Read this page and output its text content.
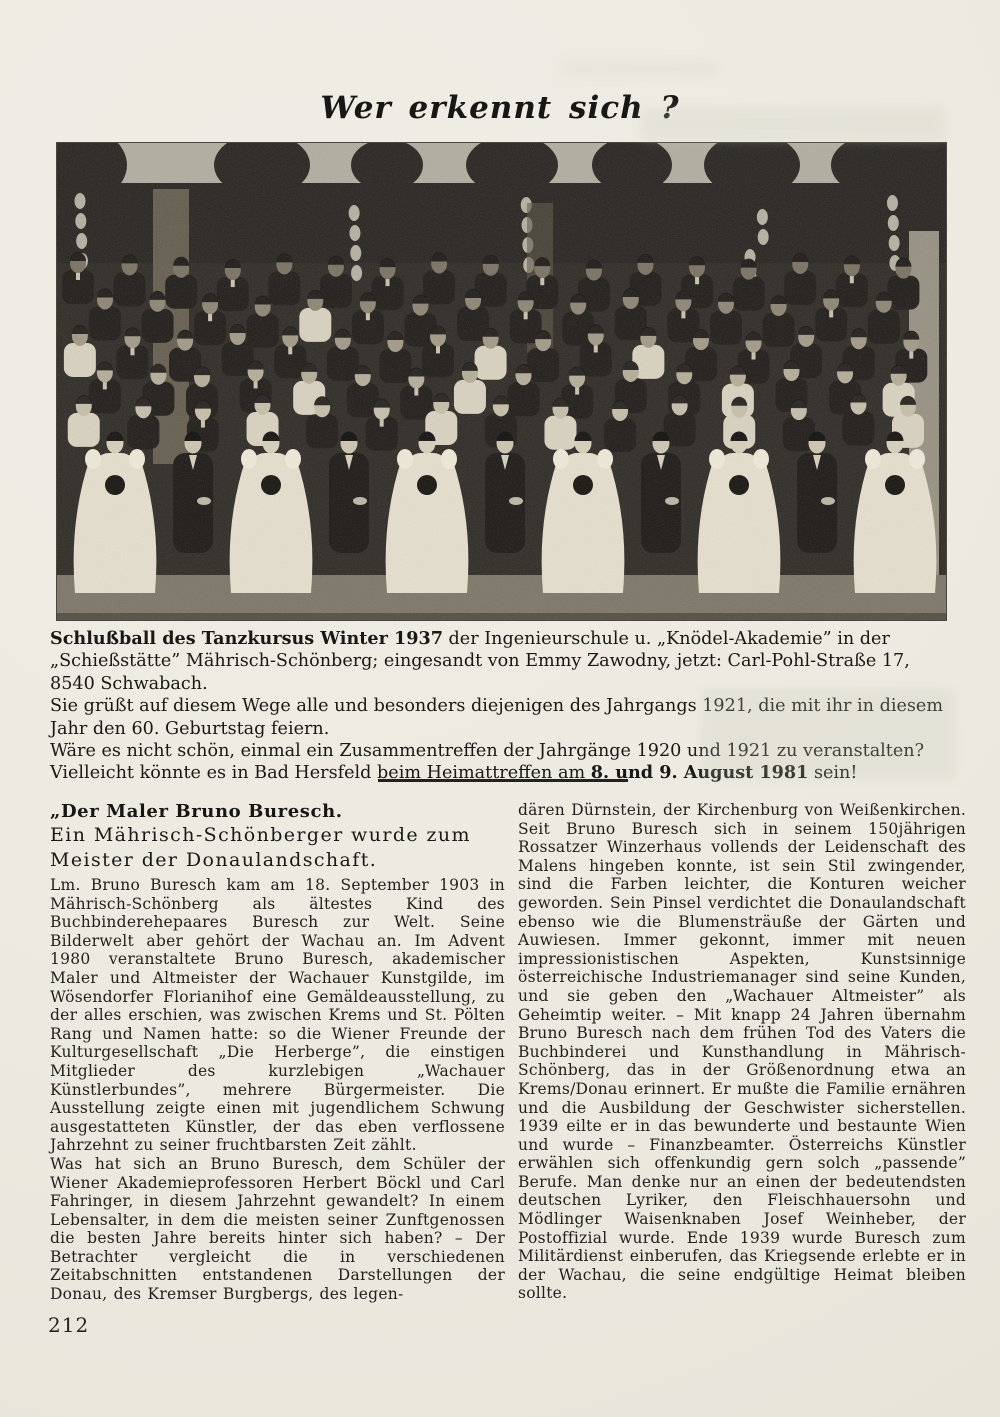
Wer erkennt sich ?

Schlußball des Tanzkursus Winter 1937 der Ingenieurschule u. „Knödel-Akademie” in der „Schießstätte” Mährisch-Schönberg; eingesandt von Emmy Zawodny, jetzt: Carl-Pohl-Straße 17, 8540 Schwabach.

Sie grüßt auf diesem Wege alle und besonders diejenigen des Jahrgangs 1921, die mit ihr in diesem Jahr den 60. Geburtstag feiern.

Wäre es nicht schön, einmal ein Zusammentreffen der Jahrgänge 1920 und 1921 zu veranstalten? Vielleicht könnte es in Bad Hersfeld beim Heimattreffen am 8. und 9. August 1981 sein!

„Der Maler Bruno Buresch.

Ein Mährisch-Schönberger wurde zum Meister der Donaulandschaft.

Lm. Bruno Buresch kam am 18. September 1903 in Mährisch-Schönberg als ältestes Kind des Buchbinderehepaares Buresch zur Welt. Seine Bilderwelt aber gehört der Wachau an. Im Advent 1980 veranstaltete Bruno Buresch, akademischer Maler und Altmeister der Wachauer Kunstgilde, im Wösendorfer Florianihof eine Gemäldeausstellung, zu der alles erschien, was zwischen Krems und St. Pölten Rang und Namen hatte: so die Wiener Freunde der Kulturgesellschaft „Die Herberge”, die einstigen Mitglieder des kurzlebigen „Wachauer Künstlerbundes”, mehrere Bürgermeister. Die Ausstellung zeigte einen mit jugendlichem Schwung ausgestatteten Künstler, der das eben verflossene Jahrzehnt zu seiner fruchtbarsten Zeit zählt.

Was hat sich an Bruno Buresch, dem Schüler der Wiener Akademieprofessoren Herbert Böckl und Carl Fahringer, in diesem Jahrzehnt gewandelt? In einem Lebensalter, in dem die meisten seiner Zunftgenossen die besten Jahre bereits hinter sich haben? – Der Betrachter vergleicht die in verschiedenen Zeitabschnitten entstandenen Darstellungen der Donau, des Kremser Burgbergs, des legen-

dären Dürnstein, der Kirchenburg von Weißenkirchen. Seit Bruno Buresch sich in seinem 150jährigen Rossatzer Winzerhaus vollends der Leidenschaft des Malens hingeben konnte, ist sein Stil zwingender, sind die Farben leichter, die Konturen weicher geworden. Sein Pinsel verdichtet die Donaulandschaft ebenso wie die Blumensträuße der Gärten und Auwiesen. Immer gekonnt, immer mit neuen impressionistischen Aspekten, Kunstsinnige österreichische Industriemanager sind seine Kunden, und sie geben den „Wachauer Altmeister” als Geheimtip weiter. – Mit knapp 24 Jahren übernahm Bruno Buresch nach dem frühen Tod des Vaters die Buchbinderei und Kunsthandlung in Mährisch-Schönberg, das in der Größenordnung etwa an Krems/Donau erinnert. Er mußte die Familie ernähren und die Ausbildung der Geschwister sicherstellen. 1939 eilte er in das bewunderte und bestaunte Wien und wurde – Finanzbeamter. Österreichs Künstler erwählen sich offenkundig gern solch „passende” Berufe. Man denke nur an einen der bedeutendsten deutschen Lyriker, den Fleischhauersohn und Mödlinger Waisenknaben Josef Weinheber, der Postoffizial wurde. Ende 1939 wurde Buresch zum Militärdienst einberufen, das Kriegsende erlebte er in der Wachau, die seine endgültige Heimat bleiben sollte.

212
